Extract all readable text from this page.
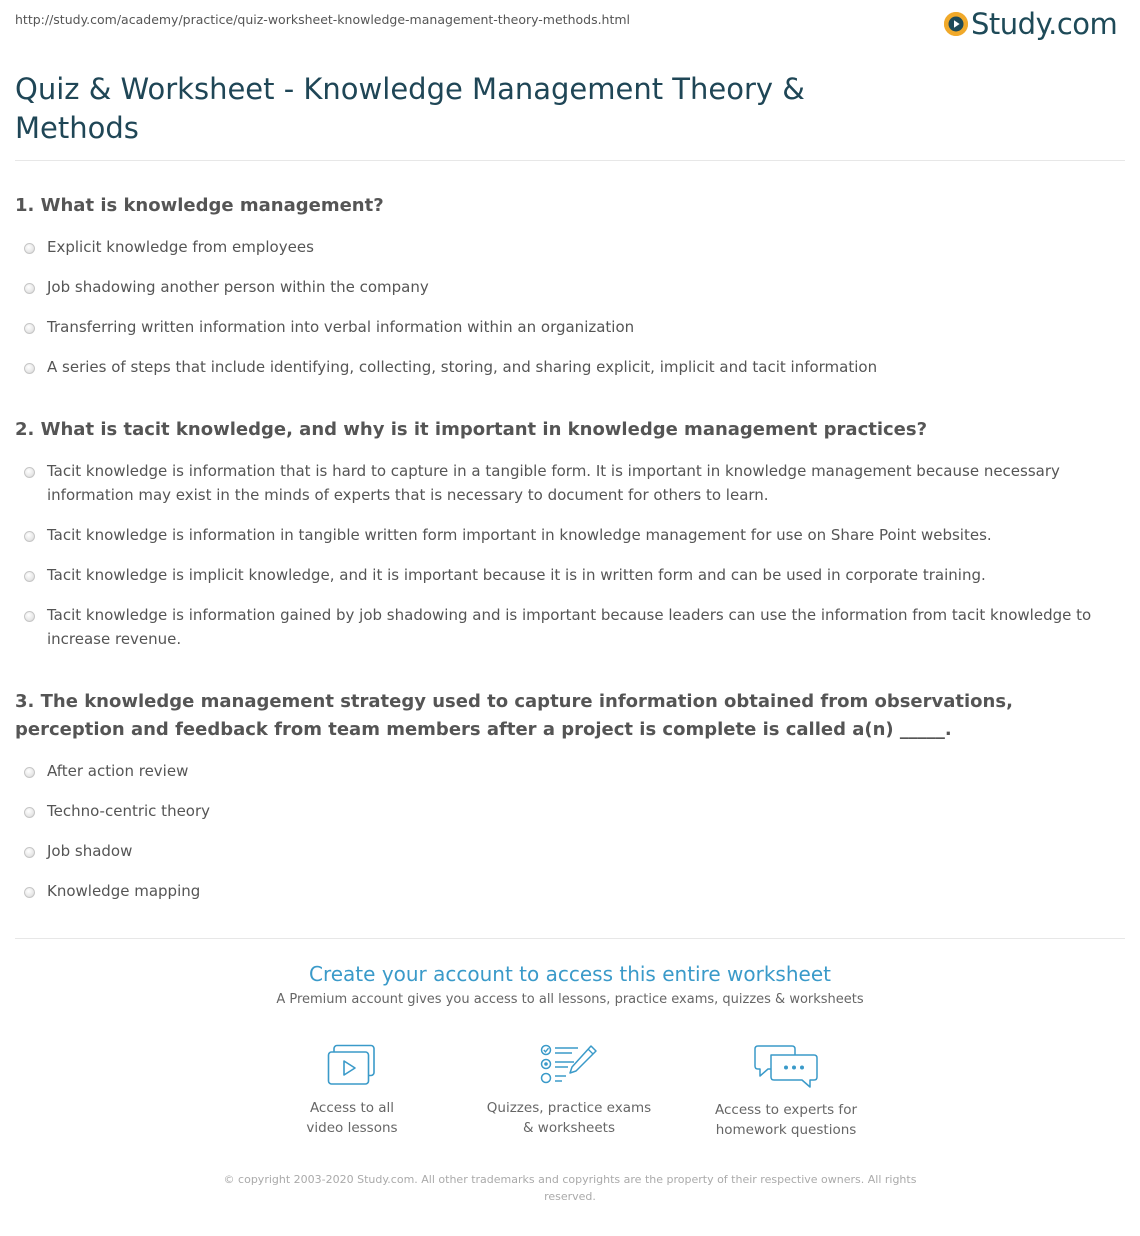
http://study.com/academy/practice/quiz-worksheet-knowledge-management-theory-methods.html	Study.com
Quiz & Worksheet - Knowledge Management Theory & Methods
1. What is knowledge management?
Explicit knowledge from employees
Job shadowing another person within the company
Transferring written information into verbal information within an organization
A series of steps that include identifying, collecting, storing, and sharing explicit, implicit and tacit information
2. What is tacit knowledge, and why is it important in knowledge management practices?
Tacit knowledge is information that is hard to capture in a tangible form. It is important in knowledge management because necessary information may exist in the minds of experts that is necessary to document for others to learn.
Tacit knowledge is information in tangible written form important in knowledge management for use on Share Point websites.
Tacit knowledge is implicit knowledge, and it is important because it is in written form and can be used in corporate training.
Tacit knowledge is information gained by job shadowing and is important because leaders can use the information from tacit knowledge to increase revenue.
3. The knowledge management strategy used to capture information obtained from observations, perception and feedback from team members after a project is complete is called a(n) _____.
After action review
Techno-centric theory
Job shadow
Knowledge mapping
Create your account to access this entire worksheet
A Premium account gives you access to all lessons, practice exams, quizzes & worksheets
Access to all
video lessons
Quizzes, practice exams
& worksheets
Access to experts for
homework questions
© copyright 2003-2020 Study.com. All other trademarks and copyrights are the property of their respective owners. All rights reserved.
